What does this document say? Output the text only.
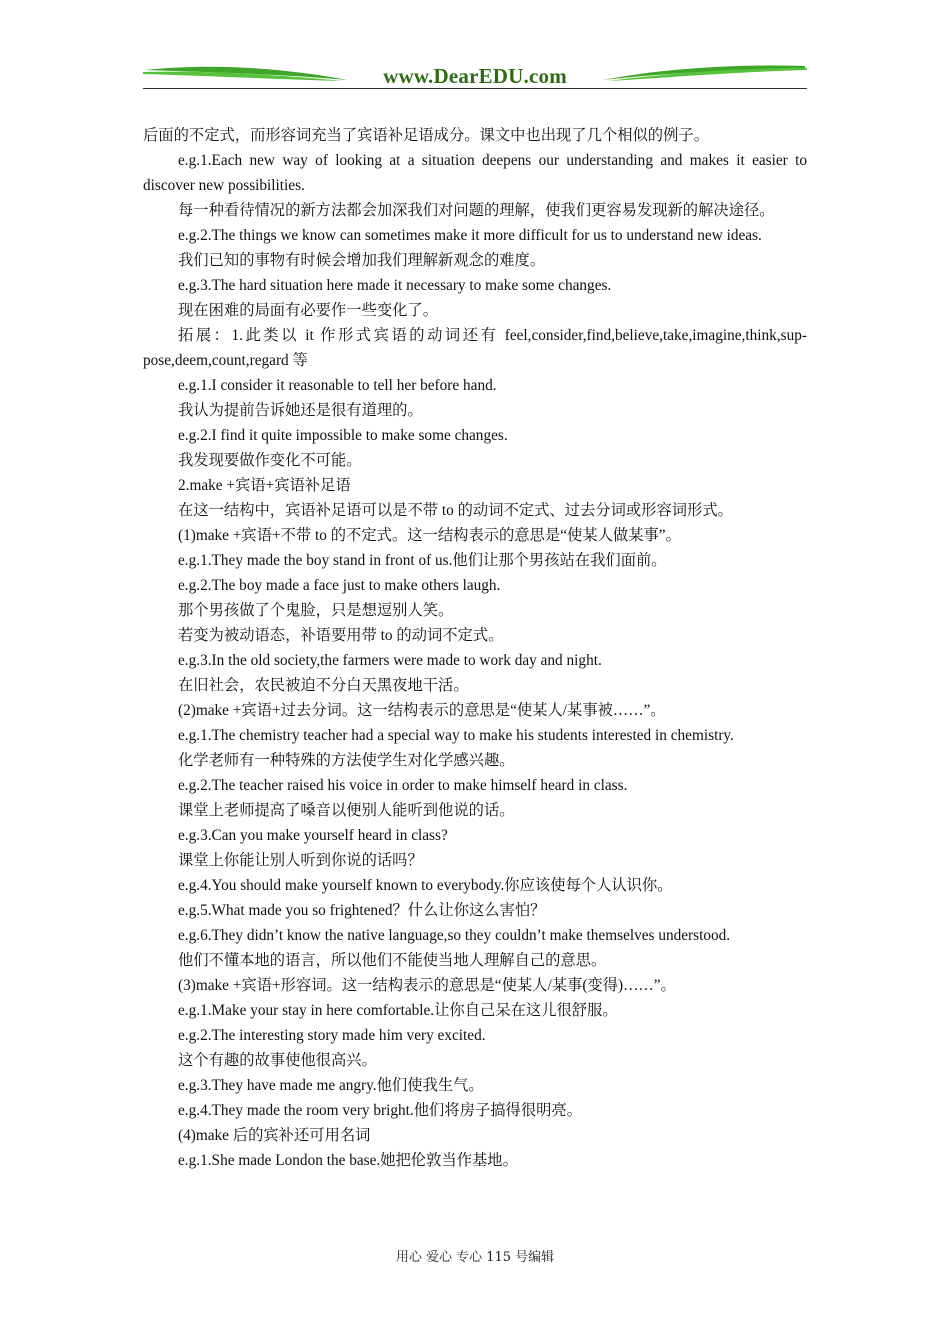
www.DearEDU.com

后面的不定式，而形容词充当了宾语补足语成分。课文中也出现了几个相似的例子。

e.g.1.Each new way of looking at a situation deepens our understanding and makes it easier to discover new possibilities.

每一种看待情况的新方法都会加深我们对问题的理解，使我们更容易发现新的解决途径。

e.g.2.The things we know can sometimes make it more difficult for us to understand new ideas.

我们已知的事物有时候会增加我们理解新观念的难度。

e.g.3.The hard situation here made it necessary to make some changes.

现在困难的局面有必要作一些变化了。

拓展：1.此类以 it 作形式宾语的动词还有 feel,consider,find,believe,take,imagine,think,sup-pose,deem,count,regard 等

e.g.1.I consider it reasonable to tell her before hand.

我认为提前告诉她还是很有道理的。

e.g.2.I find it quite impossible to make some changes.

我发现要做作变化不可能。

2.make +宾语+宾语补足语

在这一结构中，宾语补足语可以是不带 to 的动词不定式、过去分词或形容词形式。

(1)make +宾语+不带 to 的不定式。这一结构表示的意思是“使某人做某事”。

e.g.1.They made the boy stand in front of us.他们让那个男孩站在我们面前。

e.g.2.The boy made a face just to make others laugh.

那个男孩做了个鬼脸，只是想逗别人笑。

若变为被动语态，补语要用带 to 的动词不定式。

e.g.3.In the old society,the farmers were made to work day and night.

在旧社会，农民被迫不分白天黑夜地干活。

(2)make +宾语+过去分词。这一结构表示的意思是“使某人/某事被……”。

e.g.1.The chemistry teacher had a special way to make his students interested in chemistry.

化学老师有一种特殊的方法使学生对化学感兴趣。

e.g.2.The teacher raised his voice in order to make himself heard in class.

课堂上老师提高了嗓音以便别人能听到他说的话。

e.g.3.Can you make yourself heard in class?

课堂上你能让别人听到你说的话吗？

e.g.4.You should make yourself known to everybody.你应该使每个人认识你。

e.g.5.What made you so frightened？什么让你这么害怕？

e.g.6.They didn’t know the native language,so they couldn’t make themselves understood.

他们不懂本地的语言，所以他们不能使当地人理解自己的意思。

(3)make +宾语+形容词。这一结构表示的意思是“使某人/某事(变得)……”。

e.g.1.Make your stay in here comfortable.让你自己呆在这儿很舒服。

e.g.2.The interesting story made him very excited.

这个有趣的故事使他很高兴。

e.g.3.They have made me angry.他们使我生气。

e.g.4.They made the room very bright.他们将房子搞得很明亮。

(4)make 后的宾补还可用名词

e.g.1.She made London the base.她把伦敦当作基地。

用心 爱心 专心 115 号编辑
